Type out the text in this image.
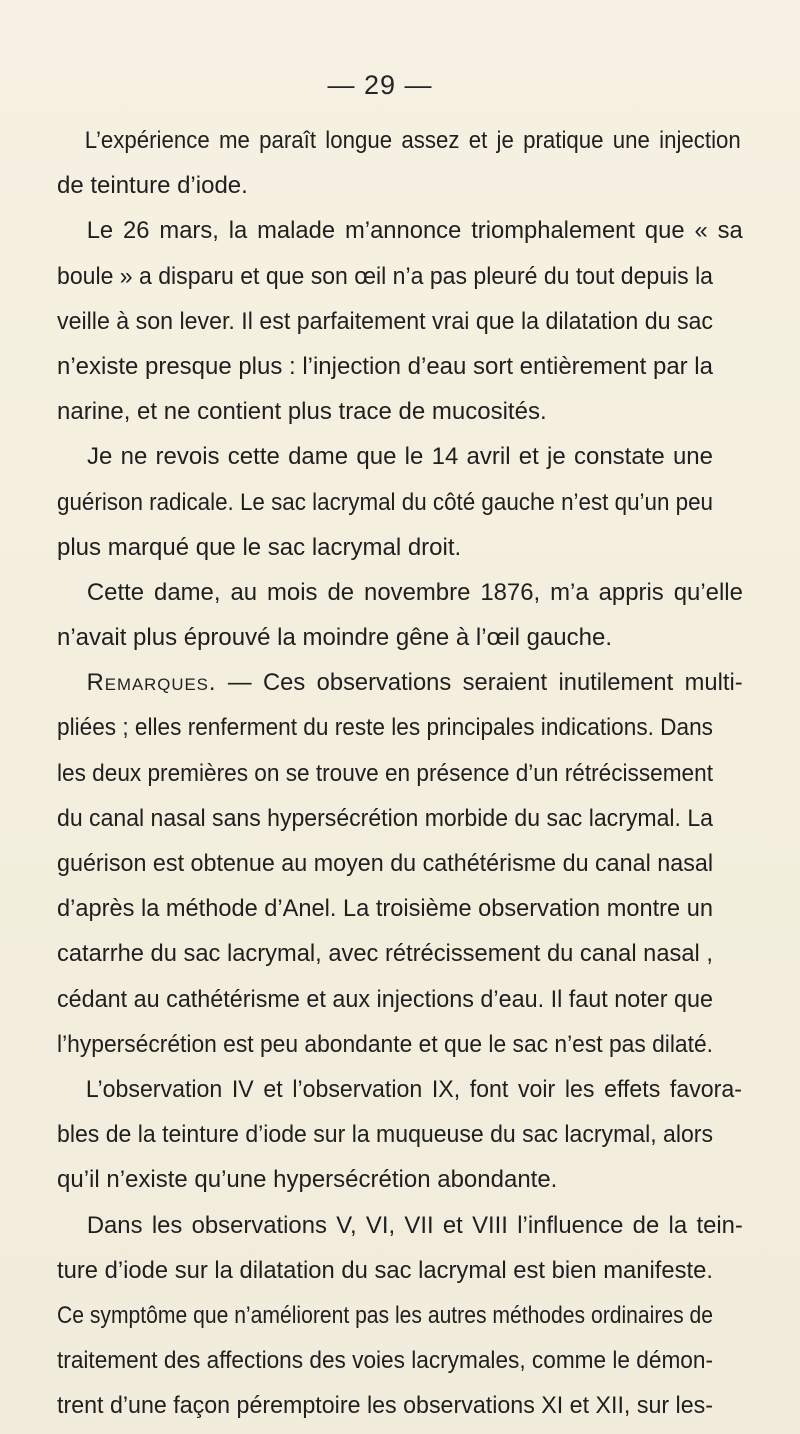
— 29 —
L’expérience me paraît longue assez et je pratique une injection
de teinture d’iode.
Le 26 mars, la malade m’annonce triomphalement que « sa
boule » a disparu et que son œil n’a pas pleuré du tout depuis la
veille à son lever. Il est parfaitement vrai que la dilatation du sac
n’existe presque plus : l’injection d’eau sort entièrement par la
narine, et ne contient plus trace de mucosités.
Je ne revois cette dame que le 14 avril et je constate une
guérison radicale. Le sac lacrymal du côté gauche n’est qu’un peu
plus marqué que le sac lacrymal droit.
Cette dame, au mois de novembre 1876, m’a appris qu’elle
n’avait plus éprouvé la moindre gêne à l’œil gauche.
Remarques. — Ces observations seraient inutilement multi-
pliées ; elles renferment du reste les principales indications. Dans
les deux premières on se trouve en présence d’un rétrécissement
du canal nasal sans hypersécrétion morbide du sac lacrymal. La
guérison est obtenue au moyen du cathétérisme du canal nasal
d’après la méthode d’Anel. La troisième observation montre un
catarrhe du sac lacrymal, avec rétrécissement du canal nasal ,
cédant au cathétérisme et aux injections d’eau. Il faut noter que
l’hypersécrétion est peu abondante et que le sac n’est pas dilaté.
L’observation IV et l’observation IX, font voir les effets favora-
bles de la teinture d’iode sur la muqueuse du sac lacrymal, alors
qu’il n’existe qu’une hypersécrétion abondante.
Dans les observations V, VI, VII et VIII l’influence de la tein-
ture d’iode sur la dilatation du sac lacrymal est bien manifeste.
Ce symptôme que n’améliorent pas les autres méthodes ordinaires de
traitement des affections des voies lacrymales, comme le démon-
trent d’une façon péremptoire les observations XI et XII, sur les-
